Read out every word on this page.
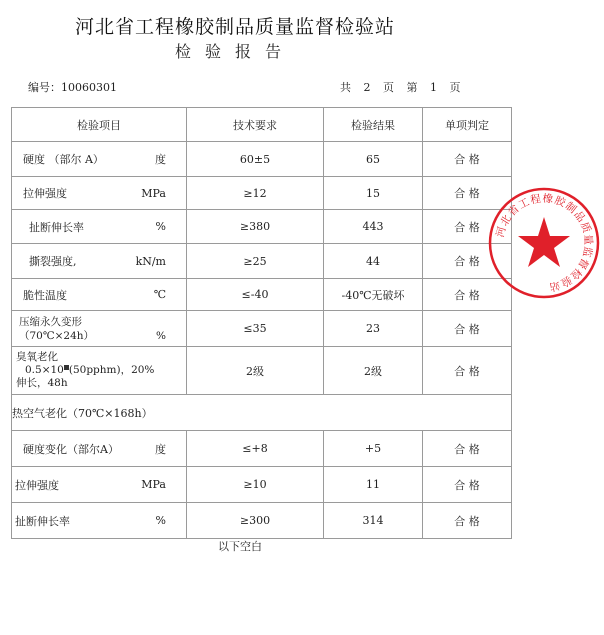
河北省工程橡胶制品质量监督检验站
检验报告
编号：10060301	共 2 页 第 1 页
检验项目	技术要求	检验结果	单项判定

硬度 （部尔 A） 度	60±5	65	合 格

拉伸强度 MPa	≥12	15	合 格

扯断伸长率 %	≥380	443	合 格

撕裂强度, kN/m	≥25	44	合 格

脆性温度 ℃	≤-40	-40℃无破坏	合 格

压缩永久变形
（70℃×24h） %	≤35	23	合 格

臭氧老化
0.5×10 (50pphm)，20%
伸长，48h	2级	2级	合 格
热空气老化（70℃×168h）			

硬度变化（部尔A） 度	≤+8	+5	合 格

拉伸强度 MPa	≥10	11	合 格

扯断伸长率 %	≥300	314	合 格
以下空白
河北省工程橡胶制品质量监督检验站
